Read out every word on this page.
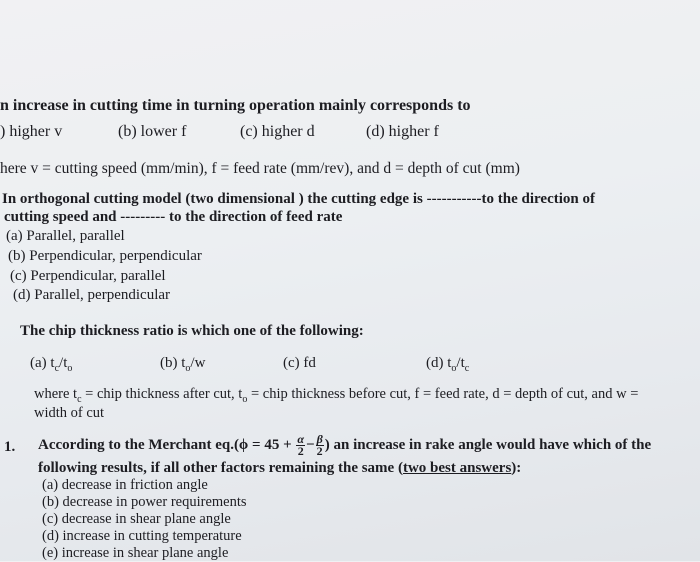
n increase in cutting time in turning operation mainly corresponds to
) higher v	(b) lower f	(c) higher d	(d) higher f
here v = cutting speed (mm/min), f = feed rate (mm/rev), and d = depth of cut (mm)
In orthogonal cutting model (two dimensional ) the cutting edge is -----------to the direction of
cutting speed and --------- to the direction of feed rate
(a) Parallel, parallel
(b) Perpendicular, perpendicular
(c) Perpendicular, parallel
(d) Parallel, perpendicular
The chip thickness ratio is which one of the following:
(a) $t_c/t_o$	(b) $t_o/w$	(c) fd	(d) $t_o/t_c$
where $t_c$ = chip thickness after cut, $t_o$ = chip thickness before cut, f = feed rate, d = depth of cut, and w =
width of cut
1. According to the Merchant $eq.(\phi = 45 + \frac{\alpha}{2} - \frac{\beta}{2}$ ) an increase in rake angle would have which of the
following results, if all other factors remaining the same (two best answers):
(a) decrease in friction angle
(b) decrease in power requirements
(c) decrease in shear plane angle
(d) increase in cutting temperature
(e) increase in shear plane angle
